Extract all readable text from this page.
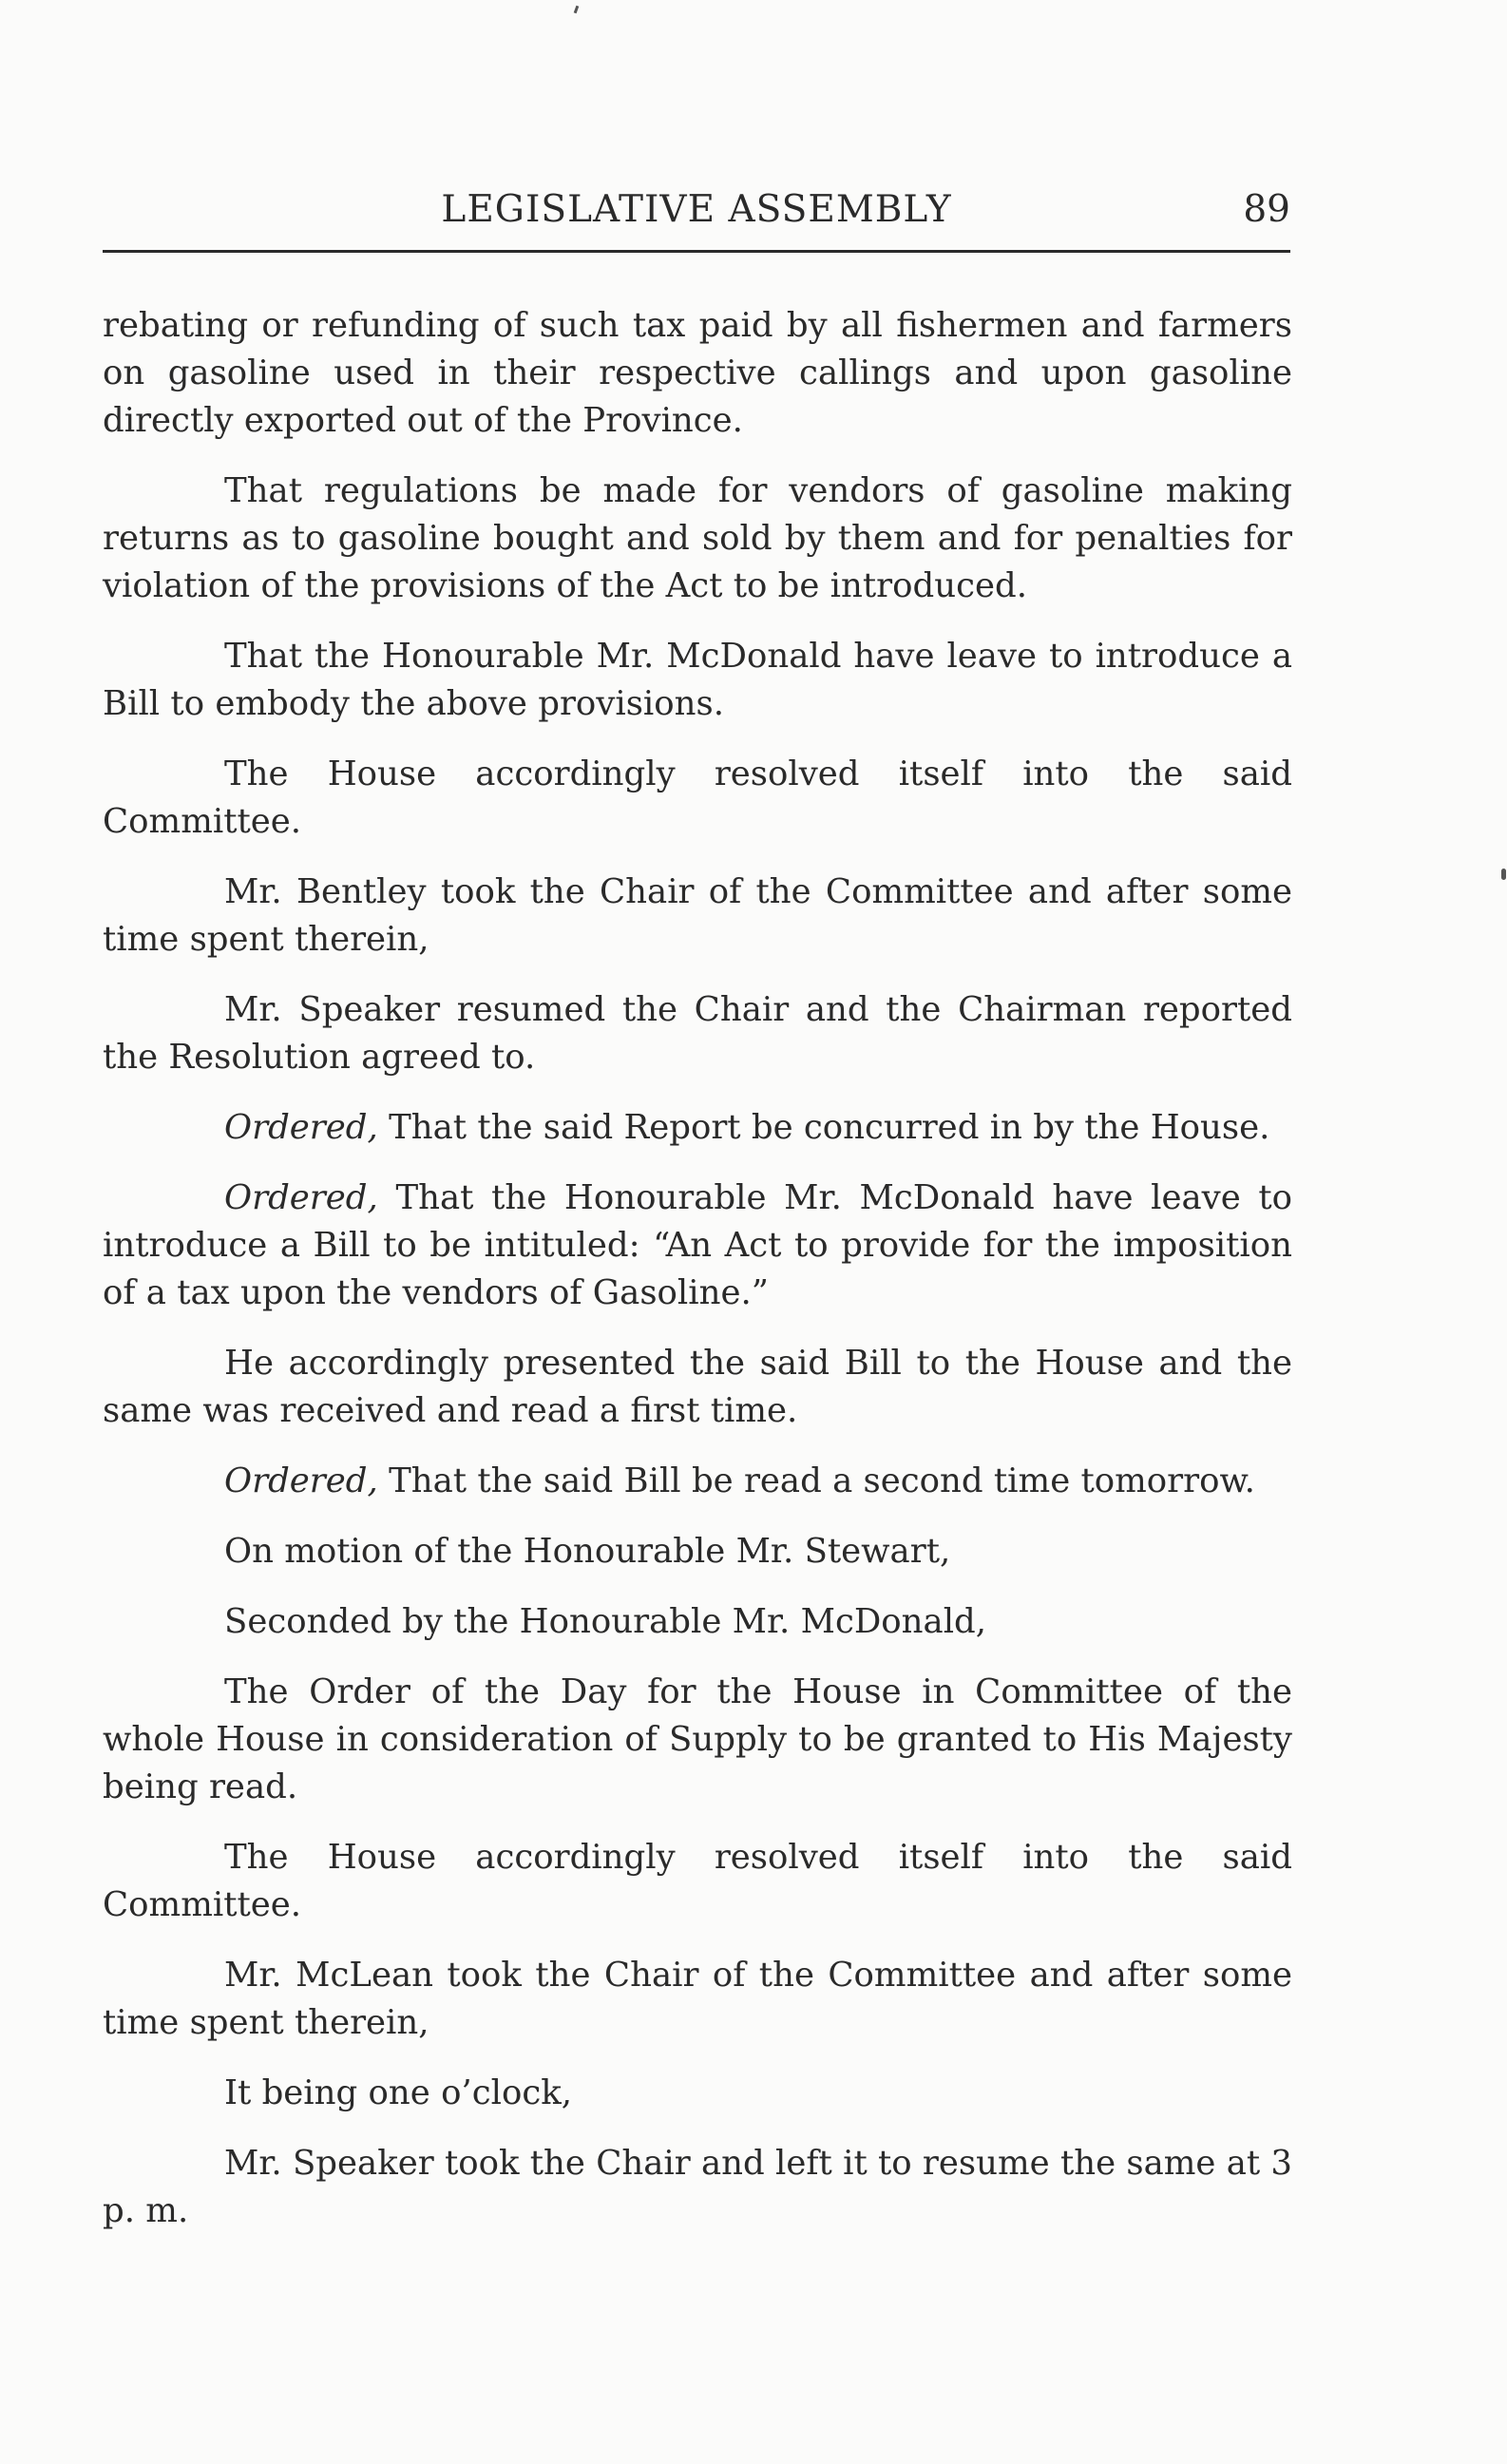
LEGISLATIVE ASSEMBLY	89

rebating or refunding of such tax paid by all fishermen and farmers on gasoline used in their respective callings and upon gasoline directly exported out of the Province.

That regulations be made for vendors of gasoline making returns as to gasoline bought and sold by them and for penalties for violation of the provisions of the Act to be introduced.

That the Honourable Mr. McDonald have leave to introduce a Bill to embody the above provisions.

The House accordingly resolved itself into the said Committee.

Mr. Bentley took the Chair of the Committee and after some time spent therein,

Mr. Speaker resumed the Chair and the Chairman reported the Resolution agreed to.

Ordered, That the said Report be concurred in by the House.

Ordered, That the Honourable Mr. McDonald have leave to introduce a Bill to be intituled: “An Act to provide for the imposition of a tax upon the vendors of Gasoline.”

He accordingly presented the said Bill to the House and the same was received and read a first time.

Ordered, That the said Bill be read a second time tomorrow.

On motion of the Honourable Mr. Stewart,

Seconded by the Honourable Mr. McDonald,

The Order of the Day for the House in Committee of the whole House in consideration of Supply to be granted to His Majesty being read.

The House accordingly resolved itself into the said Committee.

Mr. McLean took the Chair of the Committee and after some time spent therein,

It being one o’clock,

Mr. Speaker took the Chair and left it to resume the same at 3 p. m.
